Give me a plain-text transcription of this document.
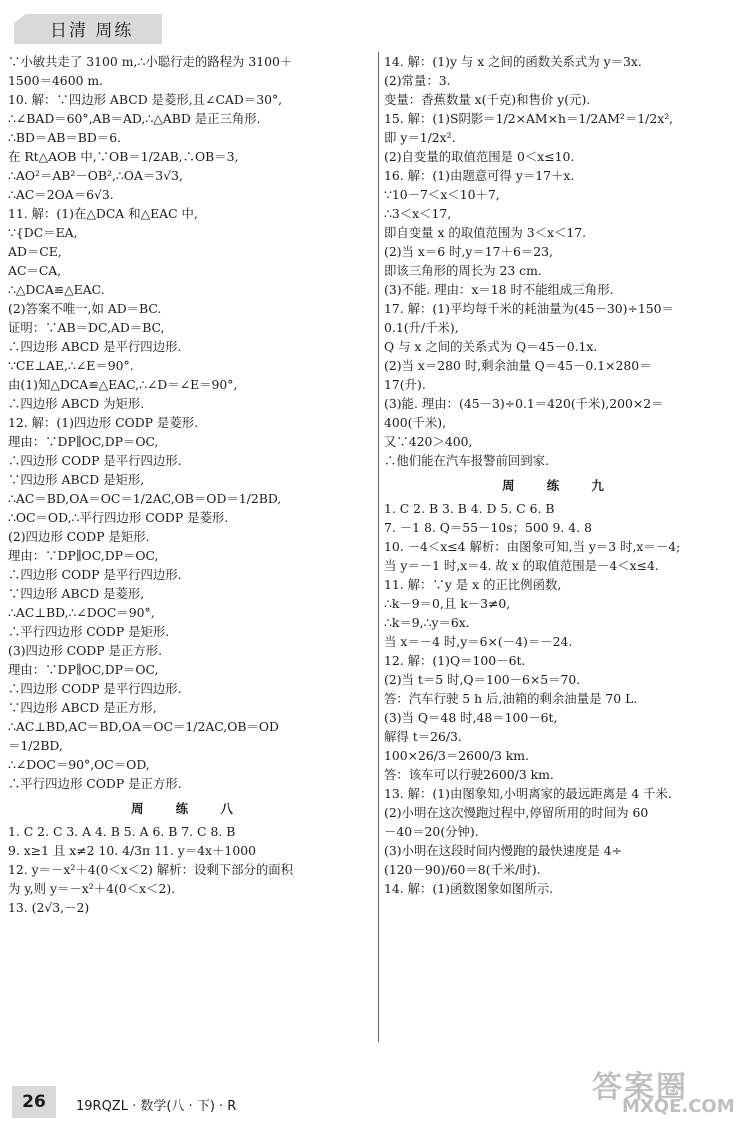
日清 周练
∵小敏共走了 3100 m,∴小聪行走的路程为 3100＋
1500＝4600 m.
10. 解：∵四边形 ABCD 是菱形,且∠CAD＝30°,
∴∠BAD＝60°,AB＝AD,∴△ABD 是正三角形.
∴BD＝AB＝BD＝6.
在 Rt△AOB 中,∵OB＝1/2AB,∴OB＝3,
∴AO²＝AB²－OB²,∴OA＝3√3,
∴AC＝2OA＝6√3.
11. 解：(1)在△DCA 和△EAC 中,
∵{DC＝EA,
AD＝CE,
AC＝CA,
∴△DCA≌△EAC.
(2)答案不唯一,如 AD＝BC.
证明：∵AB＝DC,AD＝BC,
∴四边形 ABCD 是平行四边形.
∵CE⊥AE,∴∠E＝90°.
由(1)知△DCA≌△EAC,∴∠D＝∠E＝90°,
∴四边形 ABCD 为矩形.
12. 解：(1)四边形 CODP 是菱形.
理由：∵DP∥OC,DP＝OC,
∴四边形 CODP 是平行四边形.
∵四边形 ABCD 是矩形,
∴AC＝BD,OA＝OC＝1/2AC,OB＝OD＝1/2BD,
∴OC＝OD,∴平行四边形 CODP 是菱形.
(2)四边形 CODP 是矩形.
理由：∵DP∥OC,DP＝OC,
∴四边形 CODP 是平行四边形.
∵四边形 ABCD 是菱形,
∴AC⊥BD,∴∠DOC＝90°,
∴平行四边形 CODP 是矩形.
(3)四边形 CODP 是正方形.
理由：∵DP∥OC,DP＝OC,
∴四边形 CODP 是平行四边形.
∵四边形 ABCD 是正方形,
∴AC⊥BD,AC＝BD,OA＝OC＝1/2AC,OB＝OD
＝1/2BD,
∴∠DOC＝90°,OC＝OD,
∴平行四边形 CODP 是正方形.
周 练 八
1. C 2. C 3. A 4. B 5. A 6. B 7. C 8. B
9. x≥1 且 x≠2 10. 4/3π 11. y＝4x＋1000
12. y＝－x²＋4(0＜x＜2) 解析：设剩下部分的面积
为 y,则 y＝－x²＋4(0＜x＜2).
13. (2√3,－2)
14. 解：(1)y 与 x 之间的函数关系式为 y＝3x.
(2)常量：3.
变量：香蕉数量 x(千克)和售价 y(元).
15. 解：(1)S阴影＝1/2×AM×h＝1/2AM²＝1/2x²,
即 y＝1/2x².
(2)自变量的取值范围是 0＜x≤10.
16. 解：(1)由题意可得 y＝17＋x.
∵10－7＜x＜10＋7,
∴3＜x＜17,
即自变量 x 的取值范围为 3＜x＜17.
(2)当 x＝6 时,y＝17＋6＝23,
即该三角形的周长为 23 cm.
(3)不能. 理由：x＝18 时不能组成三角形.
17. 解：(1)平均每千米的耗油量为(45－30)÷150＝
0.1(升/千米),
Q 与 x 之间的关系式为 Q＝45－0.1x.
(2)当 x＝280 时,剩余油量 Q＝45－0.1×280＝
17(升).
(3)能. 理由：(45－3)÷0.1＝420(千米),200×2＝
400(千米),
又∵420＞400,
∴他们能在汽车报警前回到家.
周 练 九
1. C 2. B 3. B 4. D 5. C 6. B
7. －1 8. Q＝55－10s；500 9. 4. 8
10. －4＜x≤4 解析：由图象可知,当 y＝3 时,x＝－4;
当 y＝－1 时,x＝4. 故 x 的取值范围是－4＜x≤4.
11. 解：∵y 是 x 的正比例函数,
∴k－9＝0,且 k－3≠0,
∴k＝9,∴y＝6x.
当 x＝－4 时,y＝6×(－4)＝－24.
12. 解：(1)Q＝100－6t.
(2)当 t＝5 时,Q＝100－6×5＝70.
答：汽车行驶 5 h 后,油箱的剩余油量是 70 L.
(3)当 Q＝48 时,48＝100－6t,
解得 t＝26/3.
100×26/3＝2600/3 km.
答：该车可以行驶2600/3 km.
13. 解：(1)由图象知,小明离家的最远距离是 4 千米.
(2)小明在这次慢跑过程中,停留所用的时间为 60
－40＝20(分钟).
(3)小明在这段时间内慢跑的最快速度是 4÷
(120－90)/60＝8(千米/时).
14. 解：(1)函数图象如图所示.
26	19RQZL · 数学(八 · 下) · R
答案圈
MXQE.COM
